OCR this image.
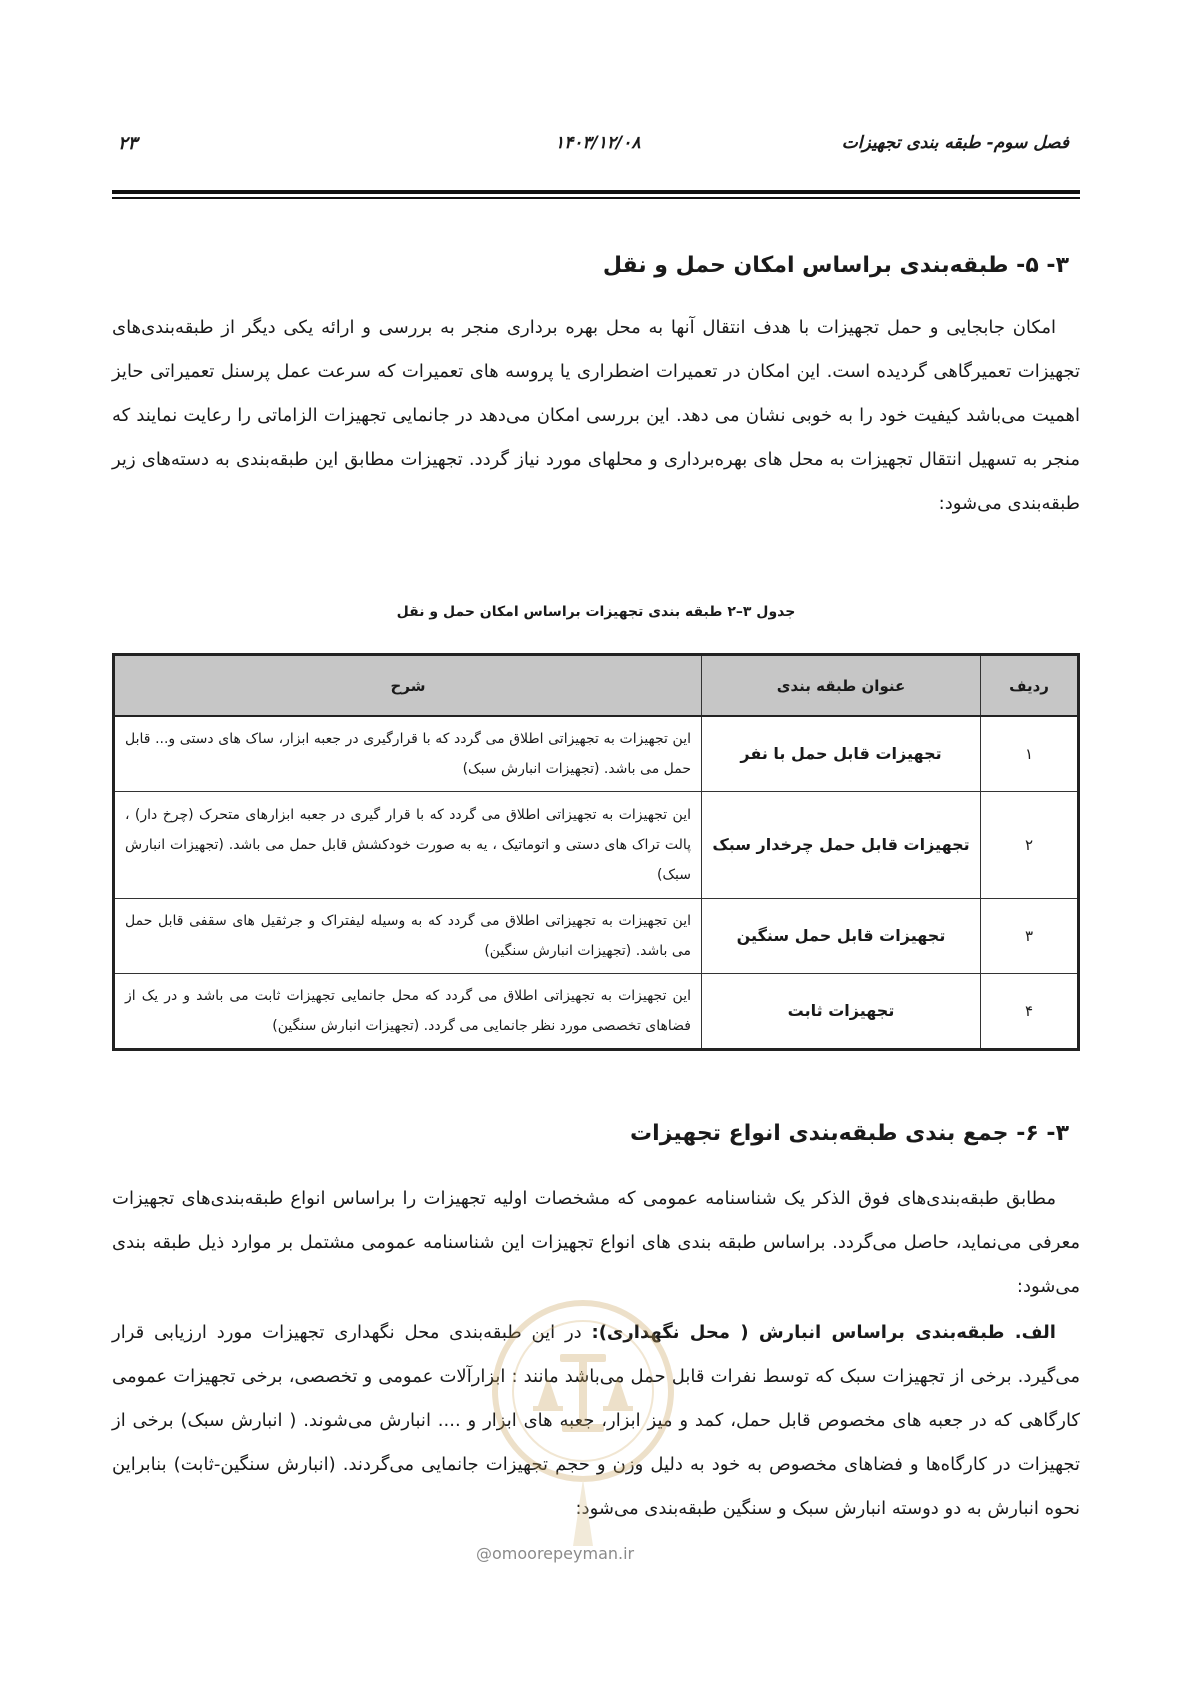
فصل سوم- طبقه بندی تجهیزات
۱۴۰۳/۱۲/۰۸
۲۳
۳- ۵- طبقه‌بندی براساس امکان حمل و نقل

امکان جابجایی و حمل تجهیزات با هدف انتقال آنها به محل بهره برداری منجر به بررسی و ارائه یکی دیگر از طبقه‌بندی‌های تجهیزات تعمیرگاهی گردیده است. این امکان در تعمیرات اضطراری یا پروسه های تعمیرات که سرعت عمل پرسنل تعمیراتی حایز اهمیت می‌باشد کیفیت خود را به خوبی نشان می دهد. این بررسی امکان می‌دهد در جانمایی تجهیزات الزاماتی را رعایت نمایند که منجر به تسهیل انتقال تجهیزات به محل های بهره‌برداری و محلهای مورد نیاز گردد. تجهیزات مطابق این طبقه‌بندی به دسته‌های زیر طبقه‌بندی می‌شود:

جدول ۳–۲ طبقه بندی تجهیزات براساس امکان حمل و نقل
ردیف	عنوان طبقه بندی	شرح
۱	تجهیزات قابل حمل با نفر	این تجهیزات به تجهیزاتی اطلاق می گردد که با قرارگیری در جعبه ابزار، ساک های دستی و... قابل حمل می باشد. (تجهیزات انبارش سبک)
۲	تجهیزات قابل حمل چرخدار سبک	این تجهیزات به تجهیزاتی اطلاق می گردد که با قرار گیری در جعبه ابزارهای متحرک (چرخ دار) ، پالت تراک های دستی و اتوماتیک ، یه به صورت خودکشش قابل حمل می باشد. (تجهیزات انبارش سبک)
۳	تجهیزات قابل حمل سنگین	این تجهیزات به تجهیزاتی اطلاق می گردد که به وسیله لیفتراک و جرثقیل های سقفی قابل حمل می باشد. (تجهیزات انبارش سنگین)
۴	تجهیزات ثابت	این تجهیزات به تجهیزاتی اطلاق می گردد که محل جانمایی تجهیزات ثابت می باشد و در یک از فضاهای تخصصی مورد نظر جانمایی می گردد. (تجهیزات انبارش سنگین)
۳- ۶- جمع بندی طبقه‌بندی انواع تجهیزات

مطابق طبقه‌بندی‌های فوق الذکر یک شناسنامه عمومی که مشخصات اولیه تجهیزات را براساس انواع طبقه‌بندی‌های تجهیزات معرفی می‌نماید، حاصل می‌گردد. براساس طبقه بندی های انواع تجهیزات این شناسنامه عمومی مشتمل بر موارد ذیل طبقه بندی می‌شود:

الف. طبقه‌بندی براساس انبارش ( محل نگهداری): در این طبقه‌بندی محل نگهداری تجهیزات مورد ارزیابی قرار می‌گیرد. برخی از تجهیزات سبک که توسط نفرات قابل حمل می‌باشد مانند : ابزارآلات عمومی و تخصصی، برخی تجهیزات عمومی کارگاهی که در جعبه های مخصوص قابل حمل، کمد و میز ابزار، جعبه های ابزار و .... انبارش می‌شوند. ( انبارش سبک) برخی از تجهیزات در کارگاه‌ها و فضاهای مخصوص به خود به دلیل وزن و حجم تجهیزات جانمایی می‌گردند. (انبارش سنگین-ثابت) بنابراین نحوه انبارش به دو دوسته انبارش سبک و سنگین طبقه‌بندی می‌شود:

@omoorepeyman.ir
